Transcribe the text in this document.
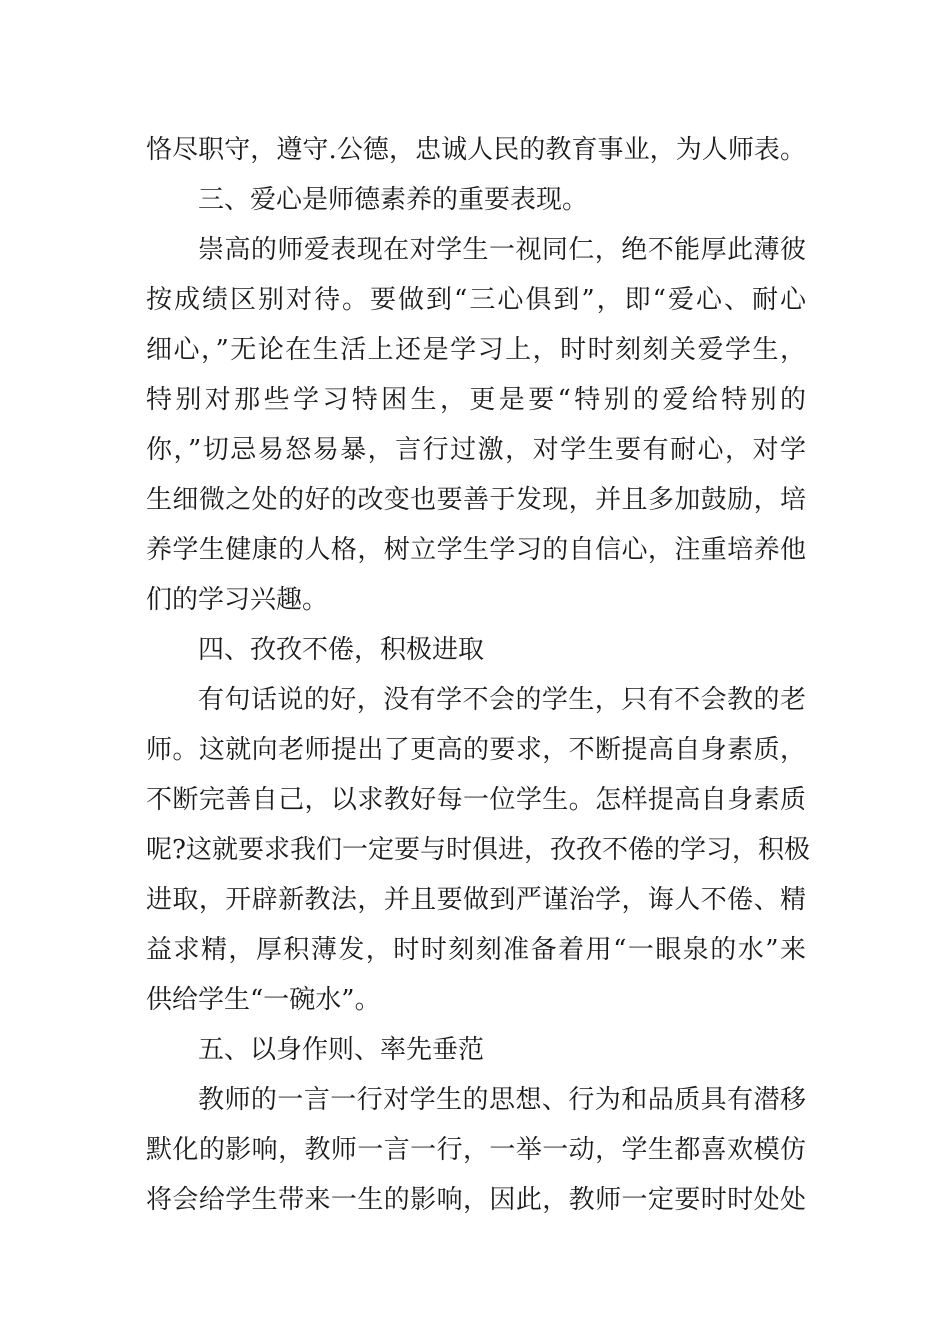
恪尽职守，遵守.公德，忠诚人民的教育事业，为人师表。

三、爱心是师德素养的重要表现。

崇高的师爱表现在对学生一视同仁，绝不能厚此薄彼

按成绩区别对待。要做到“三心俱到”，即“爱心、耐心

细心，”无论在生活上还是学习上，时时刻刻关爱学生，

特别对那些学习特困生，更是要“特别的爱给特别的

你，”切忌易怒易暴，言行过激，对学生要有耐心，对学

生细微之处的好的改变也要善于发现，并且多加鼓励，培

养学生健康的人格，树立学生学习的自信心，注重培养他

们的学习兴趣。

四、孜孜不倦，积极进取

有句话说的好，没有学不会的学生，只有不会教的老

师。这就向老师提出了更高的要求，不断提高自身素质，

不断完善自己，以求教好每一位学生。怎样提高自身素质

呢?这就要求我们一定要与时俱进，孜孜不倦的学习，积极

进取，开辟新教法，并且要做到严谨治学，诲人不倦、精

益求精，厚积薄发，时时刻刻准备着用“一眼泉的水”来

供给学生“一碗水”。

五、以身作则、率先垂范

教师的一言一行对学生的思想、行为和品质具有潜移

默化的影响，教师一言一行，一举一动，学生都喜欢模仿

将会给学生带来一生的影响，因此，教师一定要时时处处
